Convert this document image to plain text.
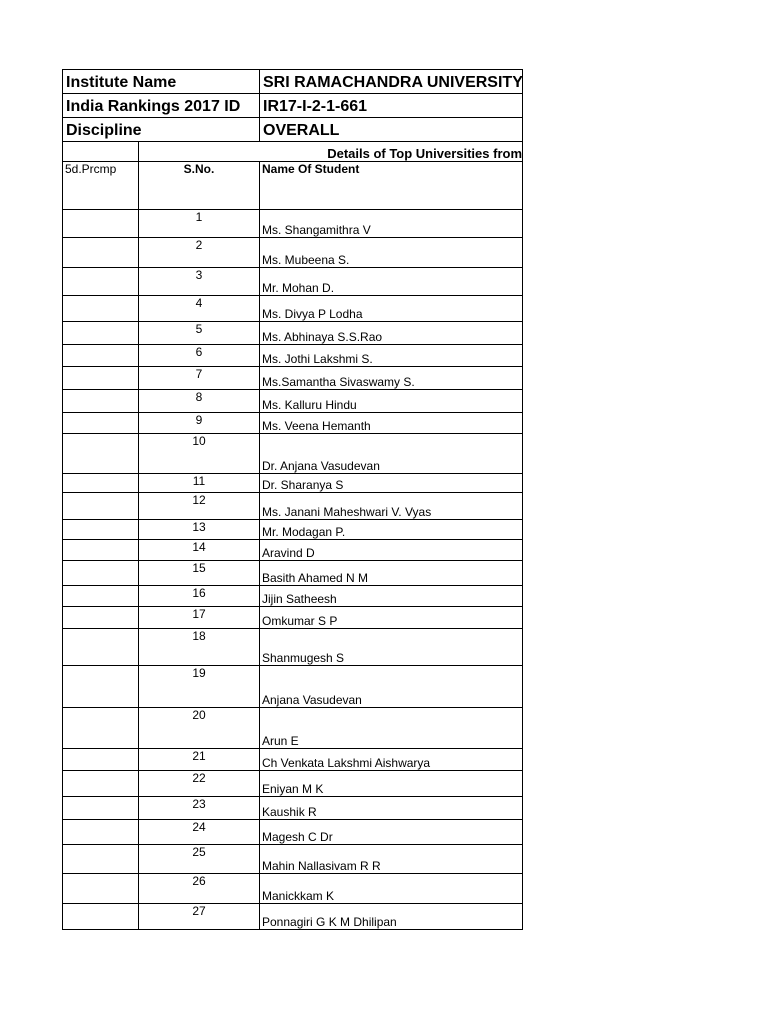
Institute Name		SRI RAMACHANDRA UNIVERSITY
India Rankings 2017 ID		IR17-I-2-1-661
Discipline		OVERALL
	Details of Top Universities from	
5d.Prcmp	S.No.	Name Of Student
	1	Ms. Shangamithra V
	2	Ms. Mubeena S.
	3	Mr. Mohan D.
	4	Ms. Divya P Lodha
	5	Ms. Abhinaya S.S.Rao
	6	Ms. Jothi Lakshmi S.
	7	Ms.Samantha Sivaswamy S.
	8	Ms. Kalluru Hindu
	9	Ms. Veena Hemanth
	10	Dr. Anjana Vasudevan
	11	Dr. Sharanya S
	12	Ms. Janani Maheshwari V. Vyas
	13	Mr. Modagan P.
	14	Aravind D
	15	Basith Ahamed N M
	16	Jijin Satheesh
	17	Omkumar S P
	18	Shanmugesh S
	19	Anjana Vasudevan
	20	Arun E
	21	Ch Venkata Lakshmi Aishwarya
	22	Eniyan M K
	23	Kaushik R
	24	Magesh C Dr
	25	Mahin Nallasivam R R
	26	Manickkam K
	27	Ponnagiri G K M Dhilipan
